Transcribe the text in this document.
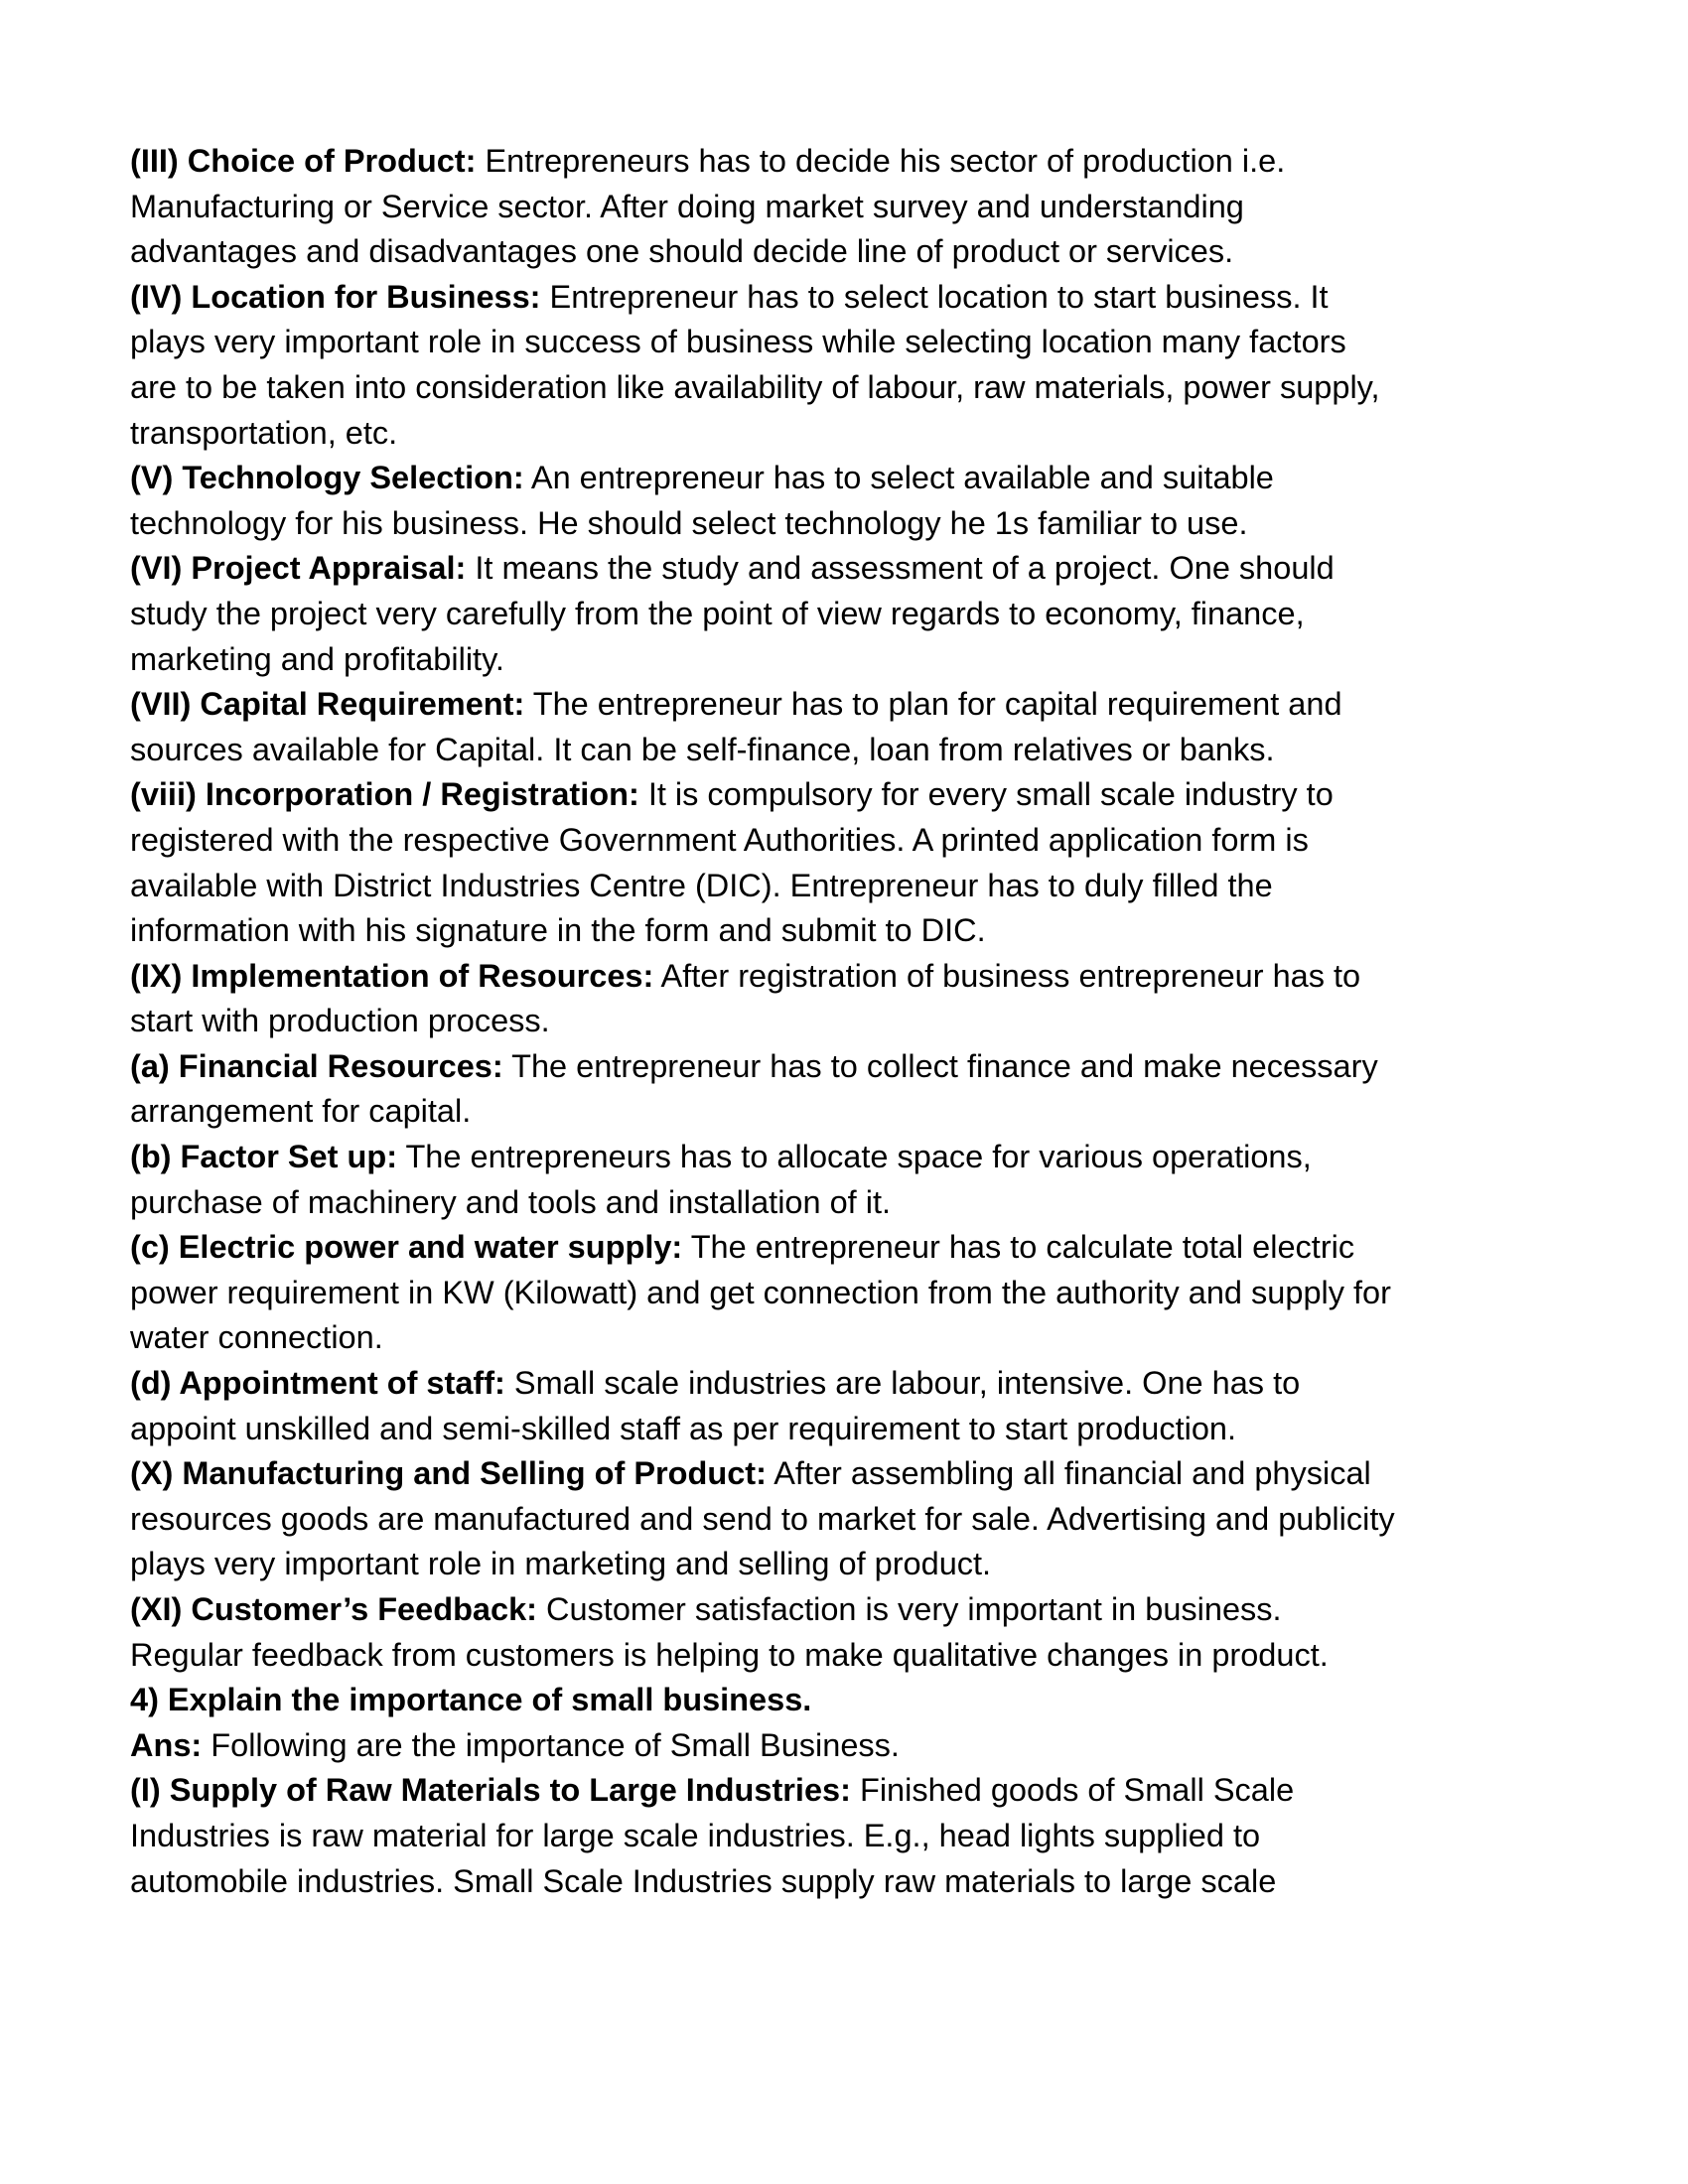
(III) Choice of Product: Entrepreneurs has to decide his sector of production i.e.
Manufacturing or Service sector. After doing market survey and understanding
advantages and disadvantages one should decide line of product or services.
(IV) Location for Business: Entrepreneur has to select location to start business. It
plays very important role in success of business while selecting location many factors
are to be taken into consideration like availability of labour, raw materials, power supply,
transportation, etc.
(V) Technology Selection: An entrepreneur has to select available and suitable
technology for his business. He should select technology he 1s familiar to use.
(VI) Project Appraisal: It means the study and assessment of a project. One should
study the project very carefully from the point of view regards to economy, finance,
marketing and profitability.
(VII) Capital Requirement: The entrepreneur has to plan for capital requirement and
sources available for Capital. It can be self-finance, loan from relatives or banks.
(viii) Incorporation / Registration: It is compulsory for every small scale industry to
registered with the respective Government Authorities. A printed application form is
available with District Industries Centre (DIC). Entrepreneur has to duly filled the
information with his signature in the form and submit to DIC.
(IX) Implementation of Resources: After registration of business entrepreneur has to
start with production process.
(a) Financial Resources: The entrepreneur has to collect finance and make necessary
arrangement for capital.
(b) Factor Set up: The entrepreneurs has to allocate space for various operations,
purchase of machinery and tools and installation of it.
(c) Electric power and water supply: The entrepreneur has to calculate total electric
power requirement in KW (Kilowatt) and get connection from the authority and supply for
water connection.
(d) Appointment of staff: Small scale industries are labour, intensive. One has to
appoint unskilled and semi-skilled staff as per requirement to start production.
(X) Manufacturing and Selling of Product: After assembling all financial and physical
resources goods are manufactured and send to market for sale. Advertising and publicity
plays very important role in marketing and selling of product.
(XI) Customer’s Feedback: Customer satisfaction is very important in business.
Regular feedback from customers is helping to make qualitative changes in product.
4) Explain the importance of small business.
Ans: Following are the importance of Small Business.
(I) Supply of Raw Materials to Large Industries: Finished goods of Small Scale
Industries is raw material for large scale industries. E.g., head lights supplied to
automobile industries. Small Scale Industries supply raw materials to large scale
